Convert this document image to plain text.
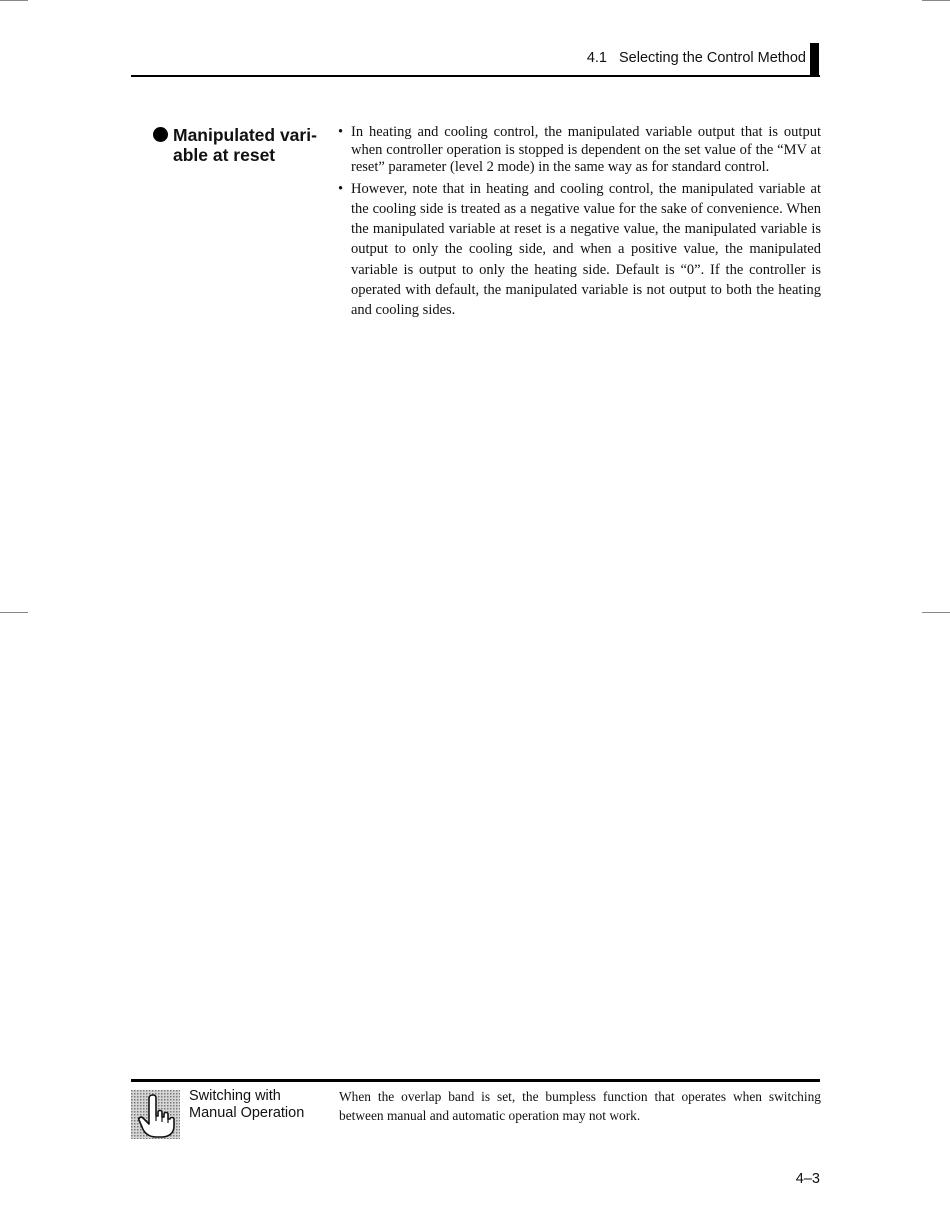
4.1 Selecting the Control Method
Manipulated vari-
able at reset
• In heating and cooling control, the manipulated variable output that is output when controller operation is stopped is dependent on the set value of the “MV at reset” parameter (level 2 mode) in the same way as for standard control.
• However, note that in heating and cooling control, the manipulated variable at the cooling side is treated as a negative value for the sake of convenience. When the manipulated variable at reset is a negative value, the manipulated variable is output to only the cooling side, and when a positive value, the manipulated variable is output to only the heating side. Default is “0”. If the controller is operated with default, the manipulated variable is not output to both the heating and cooling sides.
Switching with
Manual Operation
When the overlap band is set, the bumpless function that operates when switching between manual and automatic operation may not work.
4–3
